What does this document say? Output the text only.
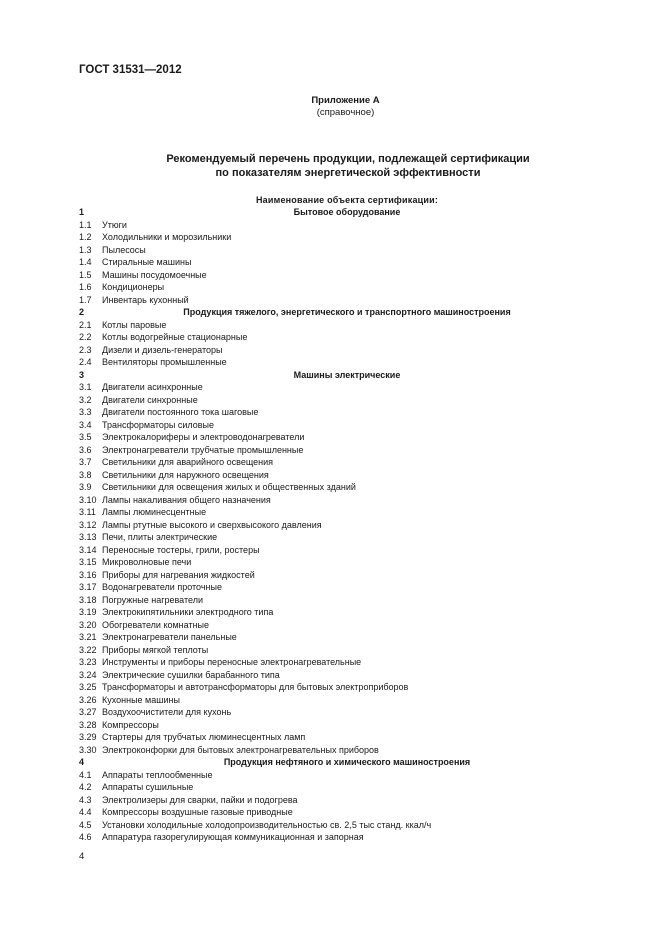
ГОСТ 31531—2012
Приложение А
(справочное)
Рекомендуемый перечень продукции, подлежащей сертификации
по показателям энергетической эффективности
Наименование объекта сертификации:
1	Бытовое оборудование
1.1 Утюги
1.2 Холодильники и морозильники
1.3 Пылесосы
1.4 Стиральные машины
1.5 Машины посудомоечные
1.6 Кондиционеры
1.7 Инвентарь кухонный
2	Продукция тяжелого, энергетического и транспортного машиностроения
2.1 Котлы паровые
2.2 Котлы водогрейные стационарные
2.3 Дизели и дизель-генераторы
2.4 Вентиляторы промышленные
3	Машины электрические
3.1 Двигатели асинхронные
3.2 Двигатели синхронные
3.3 Двигатели постоянного тока шаговые
3.4 Трансформаторы силовые
3.5 Электрокалориферы и электроводонагреватели
3.6 Электронагреватели трубчатые промышленные
3.7 Светильники для аварийного освещения
3.8 Светильники для наружного освещения
3.9 Светильники для освещения жилых и общественных зданий
3.10 Лампы накаливания общего назначения
3.11 Лампы люминесцентные
3.12 Лампы ртутные высокого и сверхвысокого давления
3.13 Печи, плиты электрические
3.14 Переносные тостеры, грили, ростеры
3.15 Микроволновые печи
3.16 Приборы для нагревания жидкостей
3.17 Водонагреватели проточные
3.18 Погружные нагреватели
3.19 Электрокипятильники электродного типа
3.20 Обогреватели комнатные
3.21 Электронагреватели панельные
3.22 Приборы мягкой теплоты
3.23 Инструменты и приборы переносные электронагревательные
3.24 Электрические сушилки барабанного типа
3.25 Трансформаторы и автотрансформаторы для бытовых электроприборов
3.26 Кухонные машины
3.27 Воздухоочистители для кухонь
3.28 Компрессоры
3.29 Стартеры для трубчатых люминесцентных ламп
3.30 Электроконфорки для бытовых электронагревательных приборов
4	Продукция нефтяного и химического машиностроения
4.1 Аппараты теплообменные
4.2 Аппараты сушильные
4.3 Электролизеры для сварки, пайки и подогрева
4.4 Компрессоры воздушные газовые приводные
4.5 Установки холодильные холодопроизводительностью св. 2,5 тыс станд. ккал/ч
4.6 Аппаратура газорегулирующая коммуникационная и запорная
4
